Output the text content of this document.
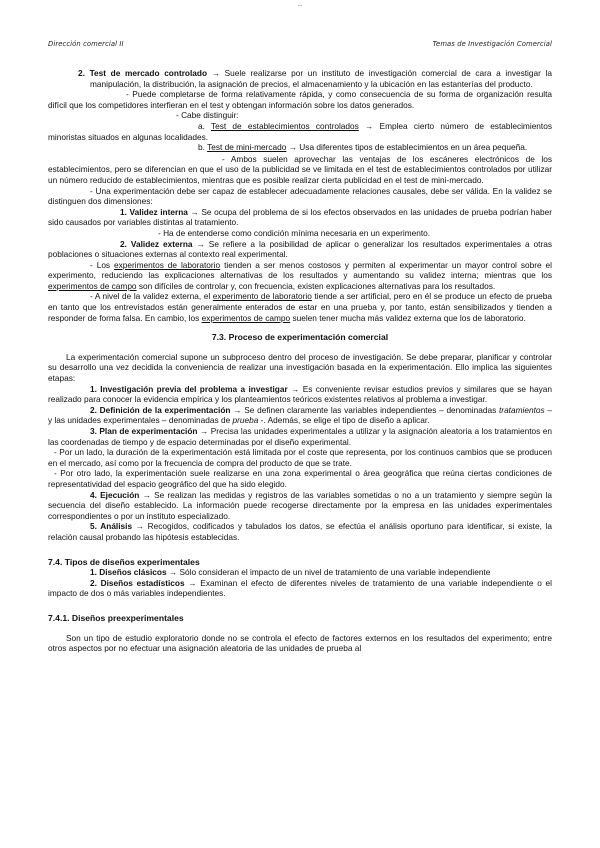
...
Dirección comercial II	Temas de Investigación Comercial

2. Test de mercado controlado → Suele realizarse por un instituto de investigación comercial de cara a investigar la manipulación, la distribución, la asignación de precios, el almacenamiento y la ubicación en las estanterías del producto.

- Puede completarse de forma relativamente rápida, y como consecuencia de su forma de organización resulta difícil que los competidores interfieran en el test y obtengan información sobre los datos generados.

- Cabe distinguir:

a. Test de establecimientos controlados → Emplea cierto número de establecimientos minoristas situados en algunas localidades.

b. Test de mini-mercado → Usa diferentes tipos de establecimientos en un área pequeña.

- Ambos suelen aprovechar las ventajas de los escáneres electrónicos de los establecimientos, pero se diferencian en que el uso de la publicidad se ve limitada en el test de establecimientos controlados por utilizar un número reducido de establecimientos, mientras que es posible realizar cierta publicidad en el test de mini-mercado.

- Una experimentación debe ser capaz de establecer adecuadamente relaciones causales, debe ser válida. En la validez se distinguen dos dimensiones:

1. Validez interna → Se ocupa del problema de si los efectos observados en las unidades de prueba podrían haber sido causados por variables distintas al tratamiento.

- Ha de entenderse como condición mínima necesaria en un experimento.

2. Validez externa → Se refiere a la posibilidad de aplicar o generalizar los resultados experimentales a otras poblaciones o situaciones externas al contexto real experimental.

- Los experimentos de laboratorio tienden a ser menos costosos y permiten al experimentar un mayor control sobre el experimento, reduciendo las explicaciones alternativas de los resultados y aumentando su validez interna; mientras que los experimentos de campo son difíciles de controlar y, con frecuencia, existen explicaciones alternativas para los resultados.

- A nivel de la validez externa, el experimento de laboratorio tiende a ser artificial, pero en él se produce un efecto de prueba en tanto que los entrevistados están generalmente enterados de estar en una prueba y, por tanto, están sensibilizados y tienden a responder de forma falsa. En cambio, los experimentos de campo suelen tener mucha más validez externa que los de laboratorio.

7.3. Proceso de experimentación comercial

La experimentación comercial supone un subproceso dentro del proceso de investigación. Se debe preparar, planificar y controlar su desarrollo una vez decidida la conveniencia de realizar una investigación basada en la experimentación. Ello implica las siguientes etapas:

1. Investigación previa del problema a investigar → Es conveniente revisar estudios previos y similares que se hayan realizado para conocer la evidencia empírica y los planteamientos teóricos existentes relativos al problema a investigar.

2. Definición de la experimentación → Se definen claramente las variables independientes – denominadas tratamientos – y las unidades experimentales – denominadas de prueba -. Además, se elige el tipo de diseño a aplicar.

3. Plan de experimentación → Precisa las unidades experimentales a utilizar y la asignación aleatoria a los tratamientos en las coordenadas de tiempo y de espacio determinadas por el diseño experimental.

- Por un lado, la duración de la experimentación está limitada por el coste que representa, por los continuos cambios que se producen en el mercado, así como por la frecuencia de compra del producto de que se trate.

- Por otro lado, la experimentación suele realizarse en una zona experimental o área geográfica que reúna ciertas condiciones de representatividad del espacio geográfico del que ha sido elegido.

4. Ejecución → Se realizan las medidas y registros de las variables sometidas o no a un tratamiento y siempre según la secuencia del diseño establecido. La información puede recogerse directamente por la empresa en las unidades experimentales correspondientes o por un instituto especializado.

5. Análisis → Recogidos, codificados y tabulados los datos, se efectúa el análisis oportuno para identificar, si existe, la relación causal probando las hipótesis establecidas.

7.4. Tipos de diseños experimentales

1. Diseños clásicos → Sólo consideran el impacto de un nivel de tratamiento de una variable independiente

2. Diseños estadísticos → Examinan el efecto de diferentes niveles de tratamiento de una variable independiente o el impacto de dos o más variables independientes.

7.4.1. Diseños preexperimentales

Son un tipo de estudio exploratorio donde no se controla el efecto de factores externos en los resultados del experimento; entre otros aspectos por no efectuar una asignación aleatoria de las unidades de prueba al
